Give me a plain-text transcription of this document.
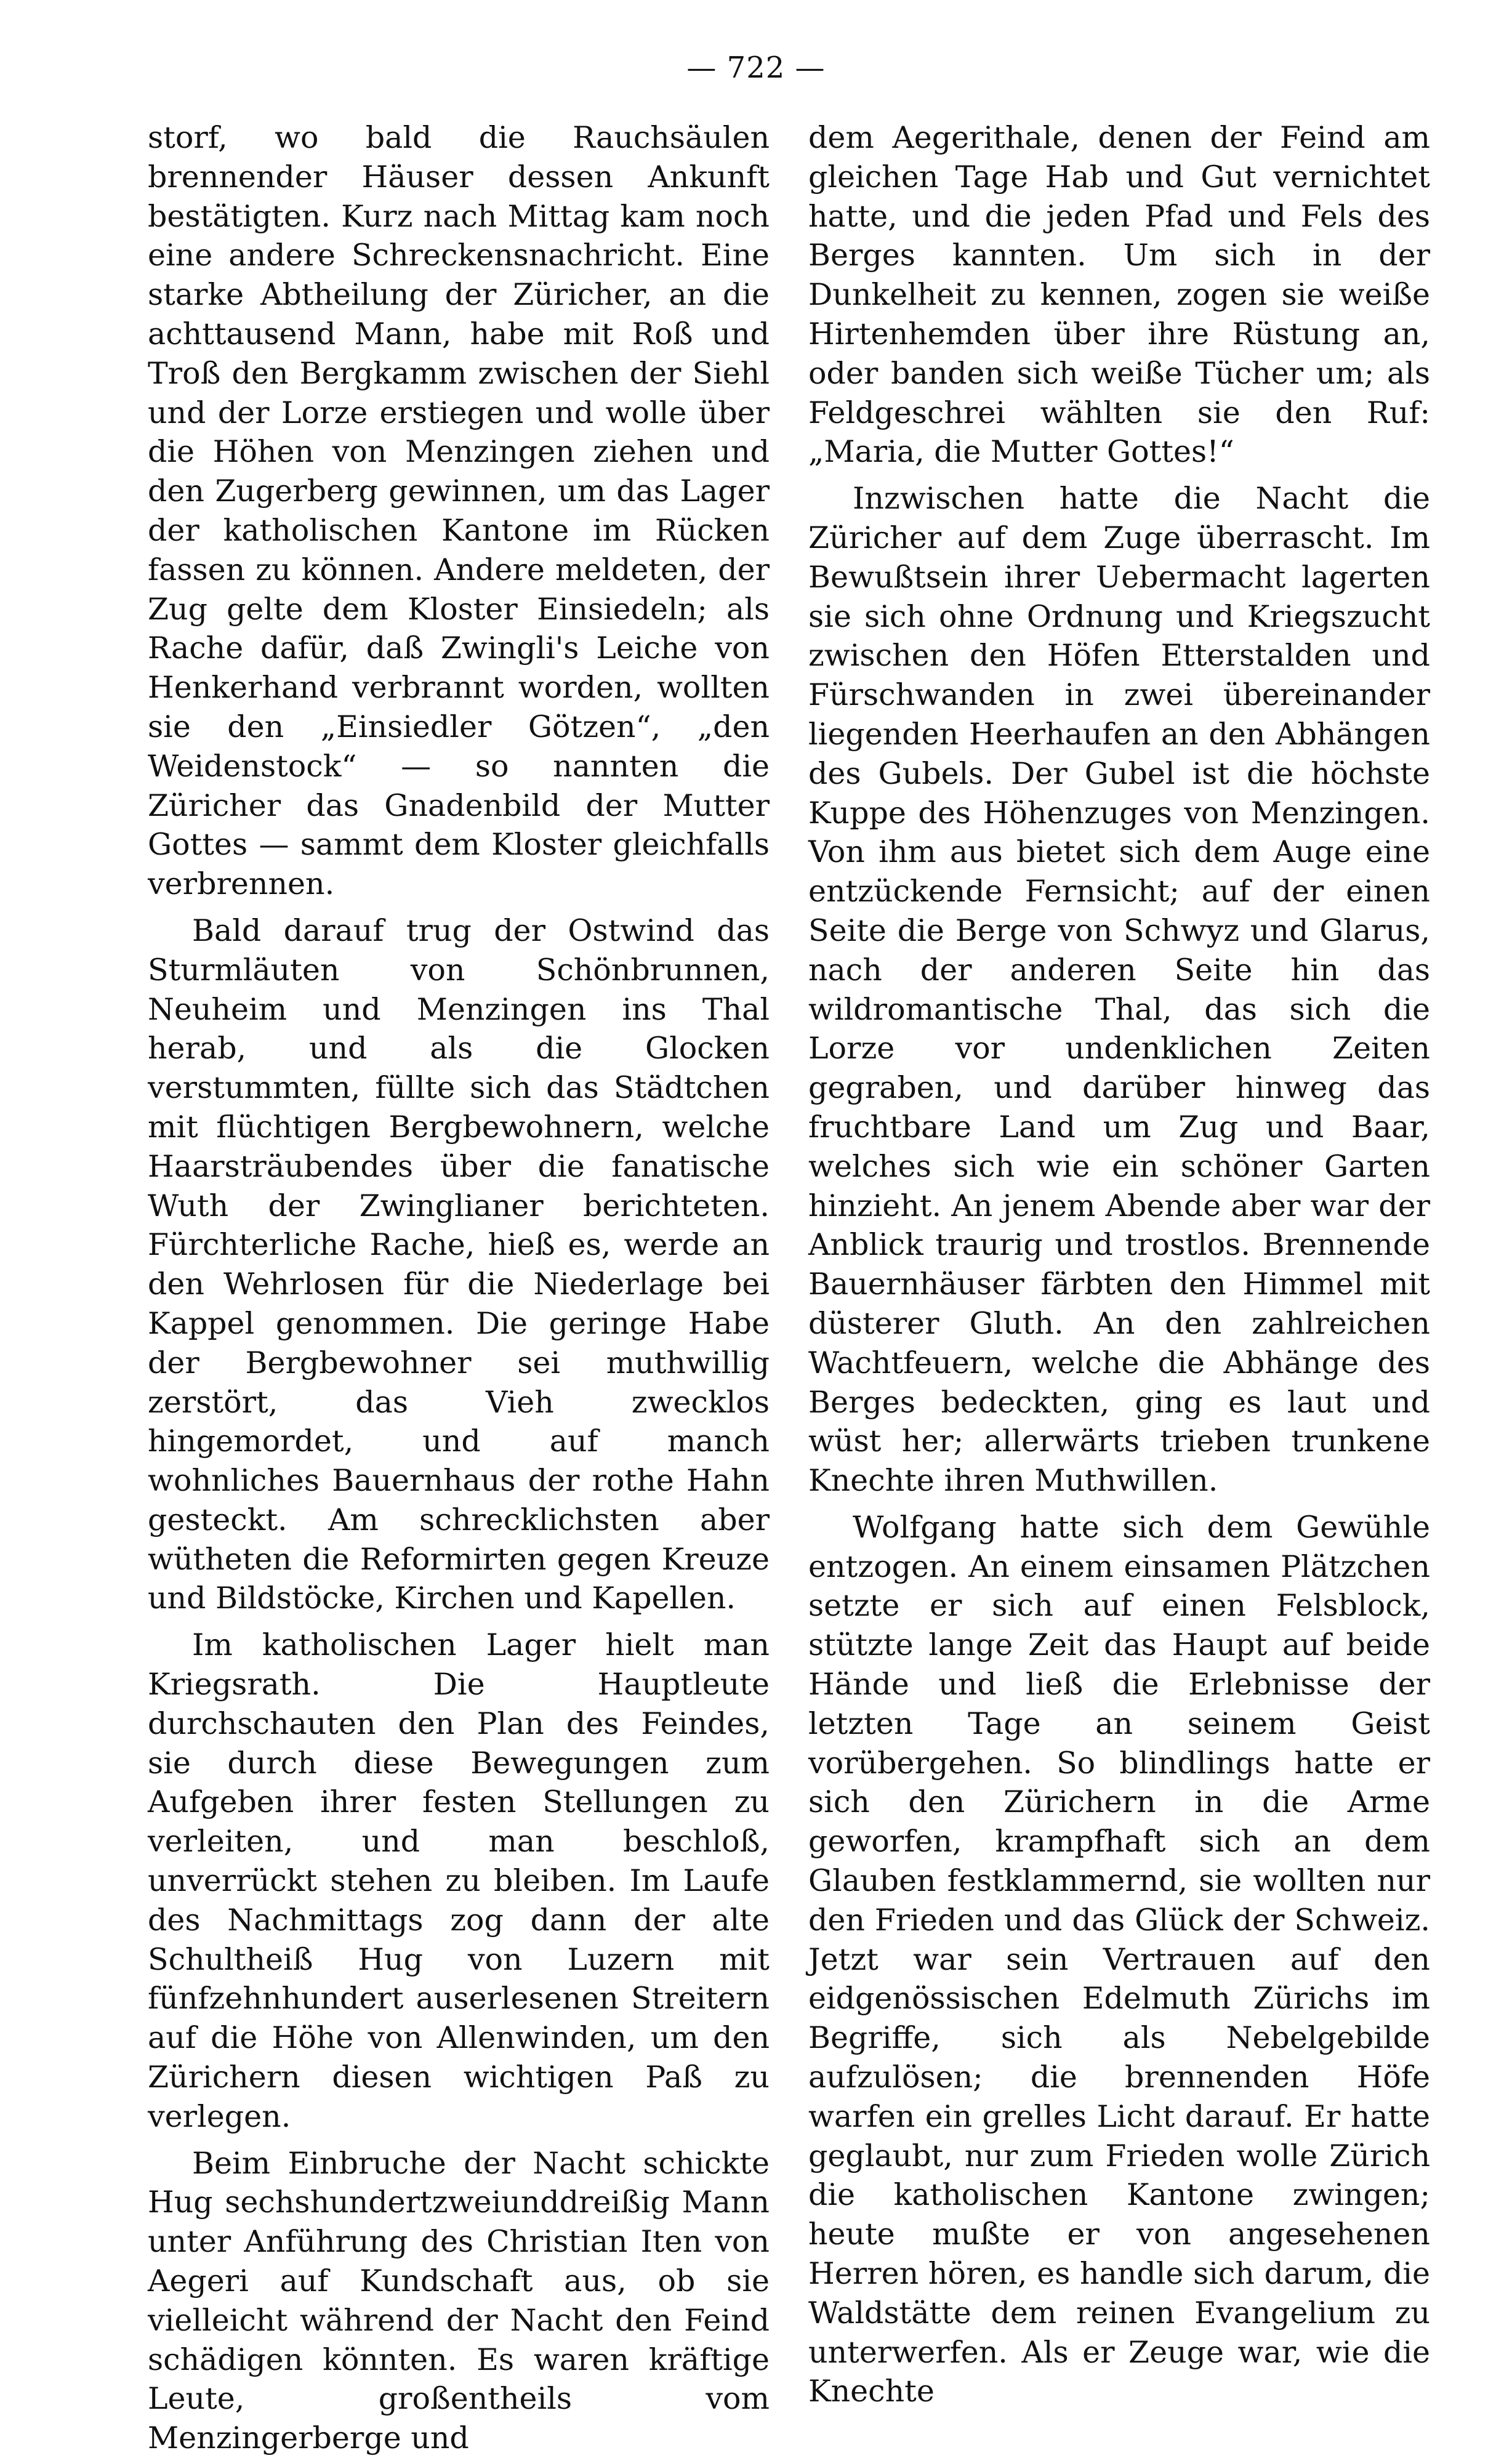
— 722 —

storf, wo bald die Rauchsäulen brennender Häuser dessen Ankunft bestätigten. Kurz nach Mittag kam noch eine andere Schreckensnachricht. Eine starke Abtheilung der Züricher, an die achttausend Mann, habe mit Roß und Troß den Bergkamm zwischen der Siehl und der Lorze erstiegen und wolle über die Höhen von Menzingen ziehen und den Zugerberg gewinnen, um das Lager der katholischen Kantone im Rücken fassen zu können. Andere meldeten, der Zug gelte dem Kloster Einsiedeln; als Rache dafür, daß Zwingli's Leiche von Henkerhand verbrannt worden, wollten sie den „Einsiedler Götzen“, „den Weidenstock“ — so nannten die Züricher das Gnadenbild der Mutter Gottes — sammt dem Kloster gleichfalls verbrennen.

Bald darauf trug der Ostwind das Sturmläuten von Schönbrunnen, Neuheim und Menzingen ins Thal herab, und als die Glocken verstummten, füllte sich das Städtchen mit flüchtigen Bergbewohnern, welche Haarsträubendes über die fanatische Wuth der Zwinglianer berichteten. Fürchterliche Rache, hieß es, werde an den Wehrlosen für die Niederlage bei Kappel genommen. Die geringe Habe der Bergbewohner sei muthwillig zerstört, das Vieh zwecklos hingemordet, und auf manch wohnliches Bauernhaus der rothe Hahn gesteckt. Am schrecklichsten aber wütheten die Reformirten gegen Kreuze und Bildstöcke, Kirchen und Kapellen.

Im katholischen Lager hielt man Kriegsrath. Die Hauptleute durchschauten den Plan des Feindes, sie durch diese Bewegungen zum Aufgeben ihrer festen Stellungen zu verleiten, und man beschloß, unverrückt stehen zu bleiben. Im Laufe des Nachmittags zog dann der alte Schultheiß Hug von Luzern mit fünfzehnhundert auserlesenen Streitern auf die Höhe von Allenwinden, um den Zürichern diesen wichtigen Paß zu verlegen.

Beim Einbruche der Nacht schickte Hug sechshundertzweiunddreißig Mann unter Anführung des Christian Iten von Aegeri auf Kundschaft aus, ob sie vielleicht während der Nacht den Feind schädigen könnten. Es waren kräftige Leute, großentheils vom Menzingerberge und

dem Aegerithale, denen der Feind am gleichen Tage Hab und Gut vernichtet hatte, und die jeden Pfad und Fels des Berges kannten. Um sich in der Dunkelheit zu kennen, zogen sie weiße Hirtenhemden über ihre Rüstung an, oder banden sich weiße Tücher um; als Feldgeschrei wählten sie den Ruf: „Maria, die Mutter Gottes!“

Inzwischen hatte die Nacht die Züricher auf dem Zuge überrascht. Im Bewußtsein ihrer Uebermacht lagerten sie sich ohne Ordnung und Kriegszucht zwischen den Höfen Etterstalden und Fürschwanden in zwei übereinander liegenden Heerhaufen an den Abhängen des Gubels. Der Gubel ist die höchste Kuppe des Höhenzuges von Menzingen. Von ihm aus bietet sich dem Auge eine entzückende Fernsicht; auf der einen Seite die Berge von Schwyz und Glarus, nach der anderen Seite hin das wildromantische Thal, das sich die Lorze vor undenklichen Zeiten gegraben, und darüber hinweg das fruchtbare Land um Zug und Baar, welches sich wie ein schöner Garten hinzieht. An jenem Abende aber war der Anblick traurig und trostlos. Brennende Bauernhäuser färbten den Himmel mit düsterer Gluth. An den zahlreichen Wachtfeuern, welche die Abhänge des Berges bedeckten, ging es laut und wüst her; allerwärts trieben trunkene Knechte ihren Muthwillen.

Wolfgang hatte sich dem Gewühle entzogen. An einem einsamen Plätzchen setzte er sich auf einen Felsblock, stützte lange Zeit das Haupt auf beide Hände und ließ die Erlebnisse der letzten Tage an seinem Geist vorübergehen. So blindlings hatte er sich den Zürichern in die Arme geworfen, krampfhaft sich an dem Glauben festklammernd, sie wollten nur den Frieden und das Glück der Schweiz. Jetzt war sein Vertrauen auf den eidgenössischen Edelmuth Zürichs im Begriffe, sich als Nebelgebilde aufzulösen; die brennenden Höfe warfen ein grelles Licht darauf. Er hatte geglaubt, nur zum Frieden wolle Zürich die katholischen Kantone zwingen; heute mußte er von angesehenen Herren hören, es handle sich darum, die Waldstätte dem reinen Evangelium zu unterwerfen. Als er Zeuge war, wie die Knechte
